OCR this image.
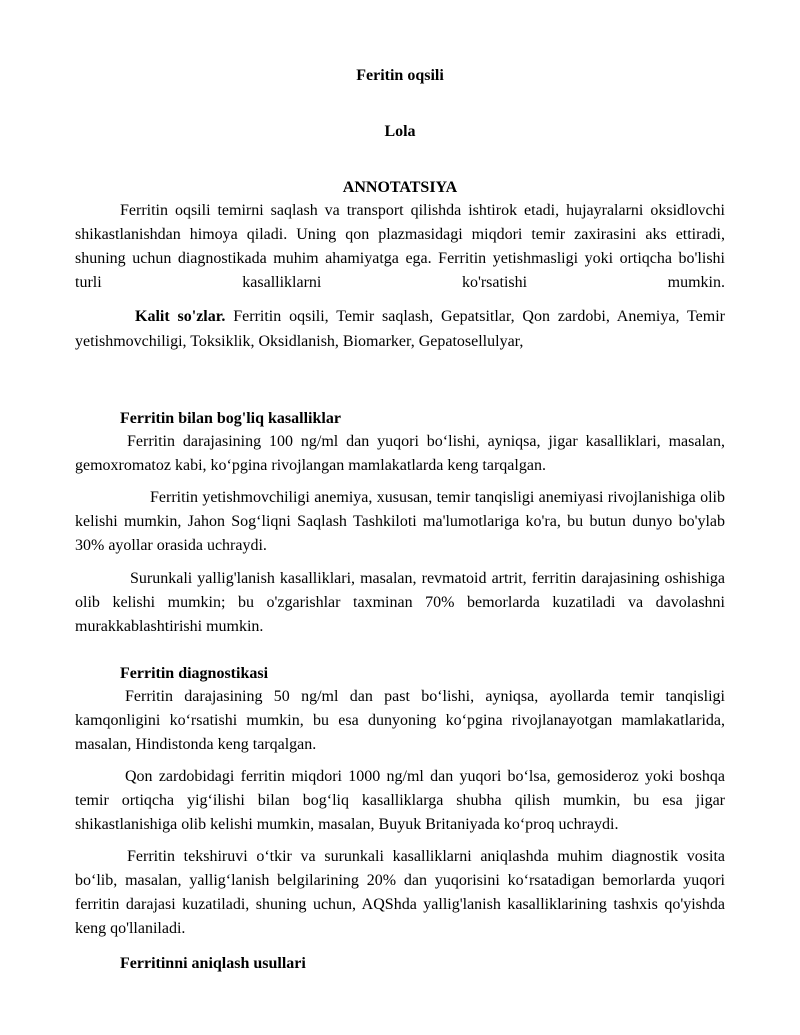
Feritin oqsili
Lola
ANNOTATSIYA

Ferritin oqsili temirni saqlash va transport qilishda ishtirok etadi, hujayralarni oksidlovchi shikastlanishdan himoya qiladi. Uning qon plazmasidagi miqdori temir zaxirasini aks ettiradi, shuning uchun diagnostikada muhim ahamiyatga ega. Ferritin yetishmasligi yoki ortiqcha bo'lishi turli kasalliklarni ko'rsatishi mumkin.

Kalit so'zlar. Ferritin oqsili, Temir saqlash, Gepatsitlar, Qon zardobi, Anemiya, Temir yetishmovchiligi, Toksiklik, Oksidlanish, Biomarker, Gepatosellulyar,

Ferritin bilan bog'liq kasalliklar

Ferritin darajasining 100 ng/ml dan yuqori bo‘lishi, ayniqsa, jigar kasalliklari, masalan, gemoxromatoz kabi, ko‘pgina rivojlangan mamlakatlarda keng tarqalgan.

Ferritin yetishmovchiligi anemiya, xususan, temir tanqisligi anemiyasi rivojlanishiga olib kelishi mumkin, Jahon Sog‘liqni Saqlash Tashkiloti ma'lumotlariga ko'ra, bu butun dunyo bo'ylab 30% ayollar orasida uchraydi.

Surunkali yallig'lanish kasalliklari, masalan, revmatoid artrit, ferritin darajasining oshishiga olib kelishi mumkin; bu o'zgarishlar taxminan 70% bemorlarda kuzatiladi va davolashni murakkablashtirishi mumkin.

Ferritin diagnostikasi

Ferritin darajasining 50 ng/ml dan past bo‘lishi, ayniqsa, ayollarda temir tanqisligi kamqonligini ko‘rsatishi mumkin, bu esa dunyoning ko‘pgina rivojlanayotgan mamlakatlarida, masalan, Hindistonda keng tarqalgan.

Qon zardobidagi ferritin miqdori 1000 ng/ml dan yuqori bo‘lsa, gemosideroz yoki boshqa temir ortiqcha yig‘ilishi bilan bog‘liq kasalliklarga shubha qilish mumkin, bu esa jigar shikastlanishiga olib kelishi mumkin, masalan, Buyuk Britaniyada ko‘proq uchraydi.

Ferritin tekshiruvi o‘tkir va surunkali kasalliklarni aniqlashda muhim diagnostik vosita bo‘lib, masalan, yallig‘lanish belgilarining 20% dan yuqorisini ko‘rsatadigan bemorlarda yuqori ferritin darajasi kuzatiladi, shuning uchun, AQShda yallig'lanish kasalliklarining tashxis qo'yishda keng qo'llaniladi.

Ferritinni aniqlash usullari
